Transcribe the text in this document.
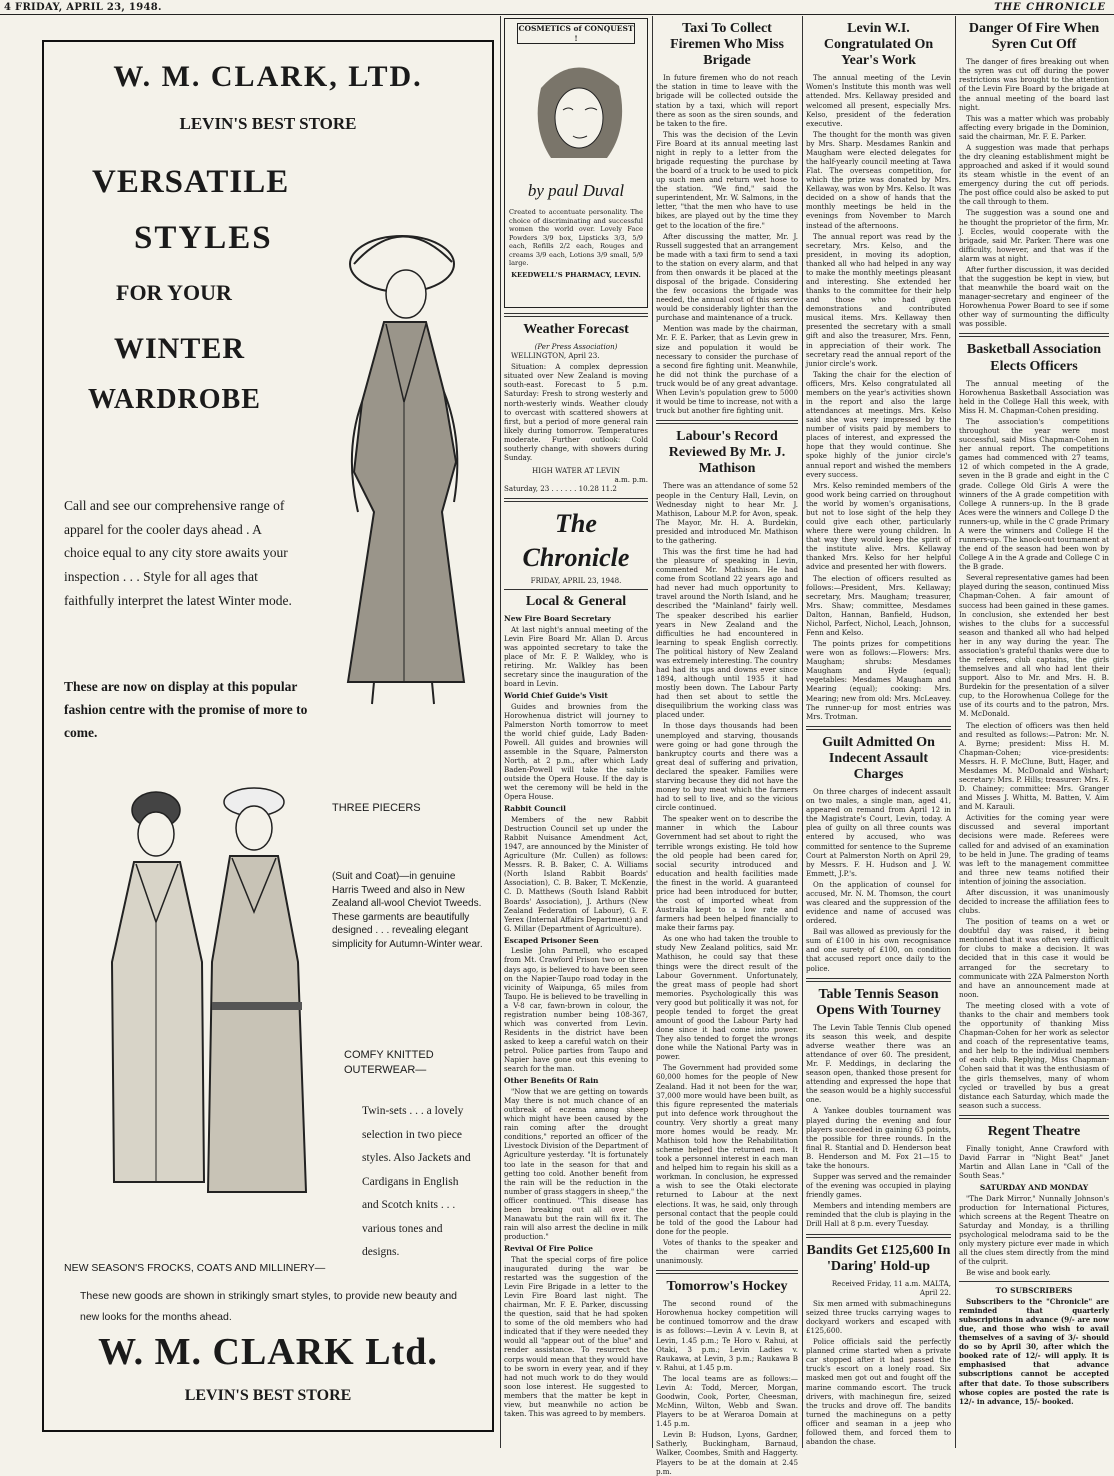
4 FRIDAY, APRIL 23, 1948.	THE CHRONICLE
W. M. CLARK, LTD.
LEVIN'S BEST STORE
VERSATILE
STYLES
FOR YOUR
WINTER
WARDROBE
Call and see our comprehensive range of apparel for the cooler days ahead . A choice equal to any city store awaits your inspection . . . Style for all ages that faithfully interpret the latest Winter mode.
These are now on display at this popular fashion centre with the promise of more to come.
THREE PIECERS
(Suit and Coat)—in genuine Harris Tweed and also in New Zealand all-wool Cheviot Tweeds. These garments are beautifully designed . . . revealing elegant simplicity for Autumn-Winter wear.
COMFY KNITTED OUTERWEAR—
Twin-sets . . . a lovely selection in two piece styles. Also Jackets and Cardigans in English and Scotch knits . . . various tones and designs.
NEW SEASON'S FROCKS, COATS AND MILLINERY—
These new goods are shown in strikingly smart styles, to provide new beauty and new looks for the months ahead.
W. M. CLARK Ltd.
LEVIN'S BEST STORE
COSMETICS of CONQUEST !
by paul Duval
Created to accentuate personality. The choice of discriminating and successful women the world over. Lovely Face Powders 3/9 box, Lipsticks 3/3, 5/9 each, Refills 2/2 each, Rouges and creams 3/9 each, Lotions 3/9 small, 5/9 large.
KEEDWELL'S PHARMACY, LEVIN.
Weather Forecast
(Per Press Association)

WELLINGTON, April 23.

Situation: A complex depression situated over New Zealand is moving south-east. Forecast to 5 p.m. Saturday: Fresh to strong westerly and north-westerly winds. Weather cloudy to overcast with scattered showers at first, but a period of more general rain likely during tomorrow. Temperatures moderate. Further outlook: Cold southerly change, with showers during Sunday.

HIGH WATER AT LEVIN
a.m. p.m.
Saturday, 23 . . . . . . 10.28 11.2
The Chronicle
FRIDAY, APRIL 23, 1948.
Local & General
New Fire Board Secretary

At last night's annual meeting of the Levin Fire Board Mr. Allan D. Arcus was appointed secretary to take the place of Mr. F. P. Walkley, who is retiring. Mr. Walkley has been secretary since the inauguration of the board in Levin.

World Chief Guide's Visit

Guides and brownies from the Horowhenua district will journey to Palmerston North tomorrow to meet the world chief guide, Lady Baden-Powell. All guides and brownies will assemble in the Square, Palmerston North, at 2 p.m., after which Lady Baden-Powell will take the salute outside the Opera House. If the day is wet the ceremony will be held in the Opera House.

Rabbit Council

Members of the new Rabbit Destruction Council set up under the Rabbit Nuisance Amendment Act, 1947, are announced by the Minister of Agriculture (Mr. Cullen) as follows: Messrs. R. B. Baker, C. A. Williams (North Island Rabbit Boards' Association), C. B. Baker, T. McKenzie, C. D. Matthews (South Island Rabbit Boards' Association), J. Arthurs (New Zealand Federation of Labour), G. F. Yerex (Internal Affairs Department) and G. Millar (Department of Agriculture).

Escaped Prisoner Seen

Leslie John Parnell, who escaped from Mt. Crawford Prison two or three days ago, is believed to have been seen on the Napier-Taupo road today in the vicinity of Waipunga, 65 miles from Taupo. He is believed to be travelling in a V-8 car, fawn-brown in colour, the registration number being 108-367, which was converted from Levin. Residents in the district have been asked to keep a careful watch on their petrol. Police parties from Taupo and Napier have gone out this evening to search for the man.

Other Benefits Of Rain

"Now that we are getting on towards May there is not much chance of an outbreak of eczema among sheep which might have been caused by the rain coming after the drought conditions," reported an officer of the Livestock Division of the Department of Agriculture yesterday. "It is fortunately too late in the season for that and getting too cold. Another benefit from the rain will be the reduction in the number of grass staggers in sheep," the officer continued. "This disease has been breaking out all over the Manawatu but the rain will fix it. The rain will also arrest the decline in milk production."

Revival Of Fire Police

That the special corps of fire police inaugurated during the war be restarted was the suggestion of the Levin Fire Brigade in a letter to the Levin Fire Board last night. The chairman, Mr. F. E. Parker, discussing the question, said that he had spoken to some of the old members who had indicated that if they were needed they would all "appear out of the blue" and render assistance. To resurrect the corps would mean that they would have to be sworn in every year, and if they had not much work to do they would soon lose interest. He suggested to members that the matter be kept in view, but meanwhile no action be taken. This was agreed to by members.

Taxi To Collect Firemen Who Miss Brigade

In future firemen who do not reach the station in time to leave with the brigade will be collected outside the station by a taxi, which will report there as soon as the siren sounds, and be taken to the fire.

This was the decision of the Levin Fire Board at its annual meeting last night in reply to a letter from the brigade requesting the purchase by the board of a truck to be used to pick up such men and return wet hose to the station. "We find," said the superintendent, Mr. W. Salmons, in the letter, "that the men who have to use bikes, are played out by the time they get to the location of the fire."

After discussing the matter, Mr. J. Russell suggested that an arrangement be made with a taxi firm to send a taxi to the station on every alarm, and that from then onwards it be placed at the disposal of the brigade. Considering the few occasions the brigade was needed, the annual cost of this service would be considerably lighter than the purchase and maintenance of a truck.

Mention was made by the chairman, Mr. F. E. Parker, that as Levin grew in size and population it would be necessary to consider the purchase of a second fire fighting unit. Meanwhile, he did not think the purchase of a truck would be of any great advantage. When Levin's population grew to 5000 it would be time to increase, not with a truck but another fire fighting unit.

Labour's Record Reviewed By Mr. J. Mathison

There was an attendance of some 52 people in the Century Hall, Levin, on Wednesday night to hear Mr. J. Mathison, Labour M.P. for Avon, speak. The Mayor, Mr. H. A. Burdekin, presided and introduced Mr. Mathison to the gathering.

This was the first time he had had the pleasure of speaking in Levin, commented Mr. Mathison. He had come from Scotland 22 years ago and had never had much opportunity to travel around the North Island, and he described the "Mainland" fairly well. The speaker described his earlier years in New Zealand and the difficulties he had encountered in learning to speak English correctly. The political history of New Zealand was extremely interesting. The country had had its ups and downs ever since 1894, although until 1935 it had mostly been down. The Labour Party had then set about to settle the disequilibrium the working class was placed under.

In those days thousands had been unemployed and starving, thousands were going or had gone through the bankruptcy courts and there was a great deal of suffering and privation, declared the speaker. Families were starving because they did not have the money to buy meat which the farmers had to sell to live, and so the vicious circle continued.

The speaker went on to describe the manner in which the Labour Government had set about to right the terrible wrongs existing. He told how the old people had been cared for, social security introduced and education and health facilities made the finest in the world. A guaranteed price had been introduced for butter, the cost of imported wheat from Australia kept to a low rate and farmers had been helped financially to make their farms pay.

As one who had taken the trouble to study New Zealand politics, said Mr. Mathison, he could say that these things were the direct result of the Labour Government. Unfortunately, the great mass of people had short memories. Psychologically this was very good but politically it was not, for people tended to forget the great amount of good the Labour Party had done since it had come into power. They also tended to forget the wrongs done while the National Party was in power.

The Government had provided some 60,000 homes for the people of New Zealand. Had it not been for the war, 37,000 more would have been built, as this figure represented the materials put into defence work throughout the country. Very shortly a great many more homes would be ready. Mr. Mathison told how the Rehabilitation scheme helped the returned men. It took a personnel interest in each man and helped him to regain his skill as a workman. In conclusion, he expressed a wish to see the Otaki electorate returned to Labour at the next elections. It was, he said, only through personal contact that the people could be told of the good the Labour had done for the people.

Votes of thanks to the speaker and the chairman were carried unanimously.

Tomorrow's Hockey

The second round of the Horowhenua hockey competition will be continued tomorrow and the draw is as follows:—Levin A v. Levin B, at Levin, 1.45 p.m.; Te Horo v. Rahui, at Otaki, 3 p.m.; Levin Ladies v. Raukawa, at Levin, 3 p.m.; Raukawa B v. Rahui, at 1.45 p.m.

The local teams are as follows:—Levin A: Todd, Mercer, Morgan, Goodwin, Cook, Porter, Cheesman, McMinn, Wilton, Webb and Swan. Players to be at Weraroa Domain at 1.45 p.m.

Levin B: Hudson, Lyons, Gardner, Satherly, Buckingham, Barnaud, Walker, Coombes, Smith and Haggerty. Players to be at the domain at 2.45 p.m.

Levin W.I. Congratulated On Year's Work

The annual meeting of the Levin Women's Institute this month was well attended. Mrs. Kellaway presided and welcomed all present, especially Mrs. Kelso, president of the federation executive.

The thought for the month was given by Mrs. Sharp. Mesdames Rankin and Maugham were elected delegates for the half-yearly council meeting at Tawa Flat. The overseas competition, for which the prize was donated by Mrs. Kellaway, was won by Mrs. Kelso. It was decided on a show of hands that the monthly meetings be held in the evenings from November to March instead of the afternoons.

The annual report was read by the secretary, Mrs. Kelso, and the president, in moving its adoption, thanked all who had helped in any way to make the monthly meetings pleasant and interesting. She extended her thanks to the committee for their help and those who had given demonstrations and contributed musical items. Mrs. Kellaway then presented the secretary with a small gift and also the treasurer, Mrs. Fenn, in appreciation of their work. The secretary read the annual report of the junior circle's work.

Taking the chair for the election of officers, Mrs. Kelso congratulated all members on the year's activities shown in the report and also the large attendances at meetings. Mrs. Kelso said she was very impressed by the number of visits paid by members to places of interest, and expressed the hope that they would continue. She spoke highly of the junior circle's annual report and wished the members every success.

Mrs. Kelso reminded members of the good work being carried on throughout the world by women's organisations, but not to lose sight of the help they could give each other, particularly where there were young children. In that way they would keep the spirit of the institute alive. Mrs. Kellaway thanked Mrs. Kelso for her helpful advice and presented her with flowers.

The election of officers resulted as follows:—President, Mrs. Kellaway; secretary, Mrs. Maugham; treasurer, Mrs. Shaw; committee, Mesdames Dalton, Hannan, Banfield, Hudson, Nichol, Parfect, Nichol, Leach, Johnson, Fenn and Kelso.

The points prizes for competitions were won as follows:—Flowers: Mrs. Maugham; shrubs: Mesdames Maugham and Hyde (equal); vegetables: Mesdames Maugham and Mearing (equal); cooking: Mrs. Mearing; new from old: Mrs. McLeavey. The runner-up for most entries was Mrs. Trotman.

Guilt Admitted On Indecent Assault Charges

On three charges of indecent assault on two males, a single man, aged 41, appeared on remand from April 12 in the Magistrate's Court, Levin, today. A plea of guilty on all three counts was entered by accused, who was committed for sentence to the Supreme Court at Palmerston North on April 29, by Messrs. F. H. Hudson and J. W. Emmett, J.P.'s.

On the application of counsel for accused, Mr. N. M. Thomson, the court was cleared and the suppression of the evidence and name of accused was ordered.

Bail was allowed as previously for the sum of £100 in his own recognisance and one surety of £100, on condition that accused report once daily to the police.

Table Tennis Season Opens With Tourney

The Levin Table Tennis Club opened its season this week, and despite adverse weather there was an attendance of over 60. The president, Mr. F. Meddings, in declaring the season open, thanked those present for attending and expressed the hope that the season would be a highly successful one.

A Yankee doubles tournament was played during the evening and four players succeeded in gaining 63 points, the possible for three rounds. In the final R. Stantial and D. Henderson beat B. Henderson and M. Fox 21—15 to take the honours.

Supper was served and the remainder of the evening was occupied in playing friendly games.

Members and intending members are reminded that the club is playing in the Drill Hall at 8 p.m. every Tuesday.

Bandits Get £125,600 In 'Daring' Hold-up

Received Friday, 11 a.m. MALTA, April 22.

Six men armed with submachineguns seized three trucks carrying wages to dockyard workers and escaped with £125,600.

Police officials said the perfectly planned crime started when a private car stopped after it had passed the truck's escort on a lonely road. Six masked men got out and fought off the marine commando escort. The truck drivers, with machinegun fire, seized the trucks and drove off. The bandits turned the machineguns on a petty officer and seaman in a jeep who followed them, and forced them to abandon the chase.

Danger Of Fire When Syren Cut Off

The danger of fires breaking out when the syren was cut off during the power restrictions was brought to the attention of the Levin Fire Board by the brigade at the annual meeting of the board last night.

This was a matter which was probably affecting every brigade in the Dominion, said the chairman, Mr. F. E. Parker.

A suggestion was made that perhaps the dry cleaning establishment might be approached and asked if it would sound its steam whistle in the event of an emergency during the cut off periods. The post office could also be asked to put the call through to them.

The suggestion was a sound one and he thought the proprietor of the firm, Mr. J. Eccles, would cooperate with the brigade, said Mr. Parker. There was one difficulty, however, and that was if the alarm was at night.

After further discussion, it was decided that the suggestion be kept in view, but that meanwhile the board wait on the manager-secretary and engineer of the Horowhenua Power Board to see if some other way of surmounting the difficulty was possible.

Basketball Association Elects Officers

The annual meeting of the Horowhenua Basketball Association was held in the College Hall this week, with Miss H. M. Chapman-Cohen presiding.

The association's competitions throughout the year were most successful, said Miss Chapman-Cohen in her annual report. The competitions games had commenced with 27 teams, 12 of which competed in the A grade, seven in the B grade and eight in the C grade. College Old Girls A were the winners of the A grade competition with College A runners-up. In the B grade Aces were the winners and College D the runners-up, while in the C grade Primary A were the winners and College H the runners-up. The knock-out tournament at the end of the season had been won by College A in the A grade and College C in the B grade.

Several representative games had been played during the season, continued Miss Chapman-Cohen. A fair amount of success had been gained in these games. In conclusion, she extended her best wishes to the clubs for a successful season and thanked all who had helped her in any way during the year. The association's grateful thanks were due to the referees, club captains, the girls themselves and all who had lent their support. Also to Mr. and Mrs. H. B. Burdekin for the presentation of a silver cup, to the Horowhenua College for the use of its courts and to the patron, Mrs. M. McDonald.

The election of officers was then held and resulted as follows:—Patron: Mr. N. A. Byrne; president: Miss H. M. Chapman-Cohen; vice-presidents: Messrs. H. F. McClune, Butt, Hager, and Mesdames M. McDonald and Wishart; secretary: Mrs. P. Hills; treasurer: Mrs. F. D. Chainey; committee: Mrs. Granger and Misses J. Whitta, M. Batten, V. Aim and M. Karauli.

Activities for the coming year were discussed and several important decisions were made. Referees were called for and advised of an examination to be held in June. The grading of teams was left to the management committee and three new teams notified their intention of joining the association.

After discussion, it was unanimously decided to increase the affiliation fees to clubs.

The position of teams on a wet or doubtful day was raised, it being mentioned that it was often very difficult for clubs to make a decision. It was decided that in this case it would be arranged for the secretary to communicate with 2ZA Palmerston North and have an announcement made at noon.

The meeting closed with a vote of thanks to the chair and members took the opportunity of thanking Miss Chapman-Cohen for her work as selector and coach of the representative teams, and her help to the individual members of each club. Replying, Miss Chapman-Cohen said that it was the enthusiasm of the girls themselves, many of whom cycled or travelled by bus a great distance each Saturday, which made the season such a success.

Regent Theatre

Finally tonight, Anne Crawford with David Farrar in "Night Beat" Janet Martin and Allan Lane in "Call of the South Seas."

SATURDAY AND MONDAY

"The Dark Mirror," Nunnally Johnson's production for International Pictures, which screens at the Regent Theatre on Saturday and Monday, is a thrilling psychological melodrama said to be the only mystery picture ever made in which all the clues stem directly from the mind of the culprit.

Be wise and book early.

TO SUBSCRIBERS

Subscribers to the "Chronicle" are reminded that quarterly subscriptions in advance (9/- are now due, and those who wish to avail themselves of a saving of 3/- should do so by April 30, after which the booked rate of 12/- will apply. It is emphasised that advance subscriptions cannot be accepted after that date. To those subscribers whose copies are posted the rate is 12/- in advance, 15/- booked.
